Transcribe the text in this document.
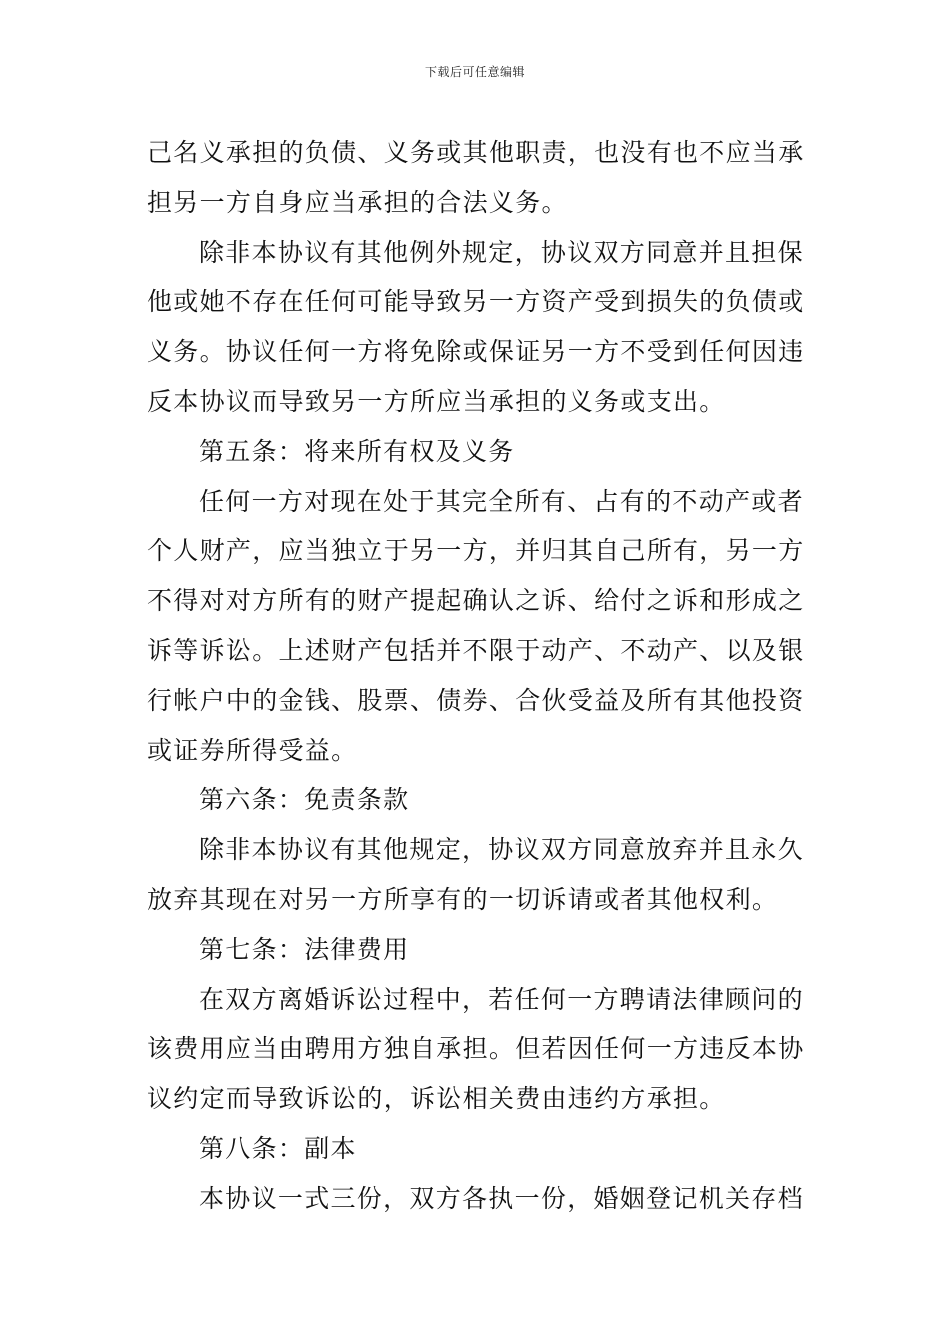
下载后可任意编辑
己名义承担的负债、义务或其他职责，也没有也不应当承
担另一方自身应当承担的合法义务。
除非本协议有其他例外规定，协议双方同意并且担保
他或她不存在任何可能导致另一方资产受到损失的负债或
义务。协议任何一方将免除或保证另一方不受到任何因违
反本协议而导致另一方所应当承担的义务或支出。
第五条：将来所有权及义务
任何一方对现在处于其完全所有、占有的不动产或者
个人财产，应当独立于另一方，并归其自己所有，另一方
不得对对方所有的财产提起确认之诉、给付之诉和形成之
诉等诉讼。上述财产包括并不限于动产、不动产、以及银
行帐户中的金钱、股票、债券、合伙受益及所有其他投资
或证券所得受益。
第六条：免责条款
除非本协议有其他规定，协议双方同意放弃并且永久
放弃其现在对另一方所享有的一切诉请或者其他权利。
第七条：法律费用
在双方离婚诉讼过程中，若任何一方聘请法律顾问的
该费用应当由聘用方独自承担。但若因任何一方违反本协
议约定而导致诉讼的，诉讼相关费由违约方承担。
第八条：副本
本协议一式三份，双方各执一份，婚姻登记机关存档
